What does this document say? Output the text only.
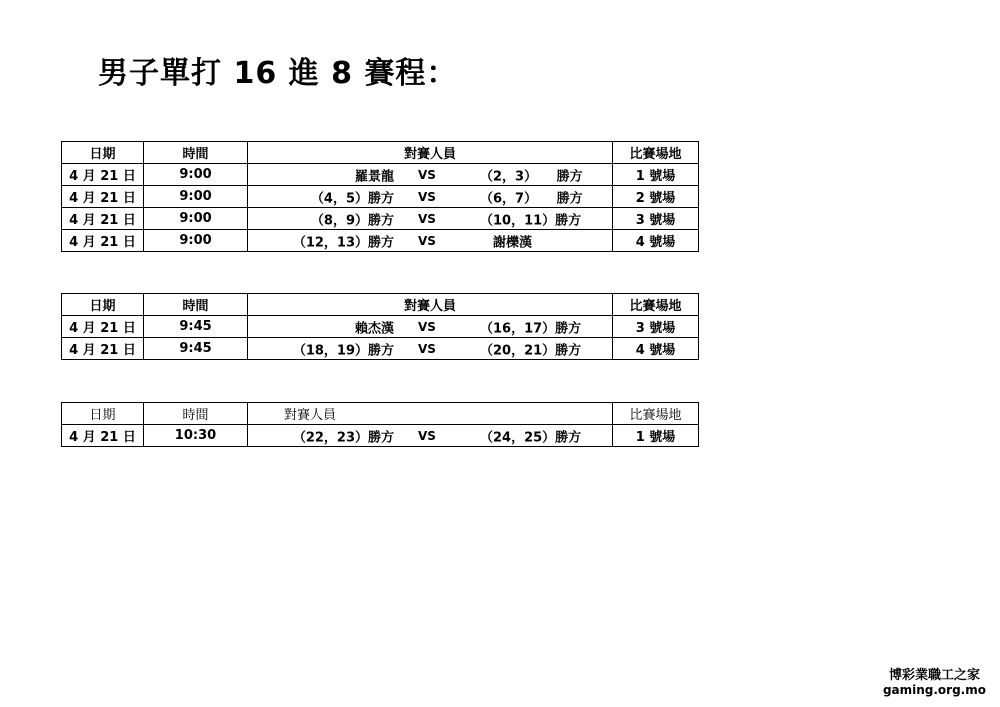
男子單打 16 進 8 賽程：
日期	時間	對賽人員	比賽場地
4 月 21 日	9:00	羅景龍 VS （2，3）　　勝方	1 號場
4 月 21 日	9:00	（4，5）勝方 VS （6，7）　　勝方	2 號場
4 月 21 日	9:00	（8，9）勝方 VS （10，11）勝方	3 號場
4 月 21 日	9:00	（12，13）勝方 VS 　謝櫟漢	4 號場
日期	時間	對賽人員	比賽場地
4 月 21 日	9:45	賴杰漢 VS （16，17）勝方	3 號場
4 月 21 日	9:45	（18，19）勝方 VS （20，21）勝方	4 號場
日期	時間	對賽人員	比賽場地
4 月 21 日	10:30	（22，23）勝方 VS （24，25）勝方	1 號場
博彩業職工之家
gaming.org.mo
